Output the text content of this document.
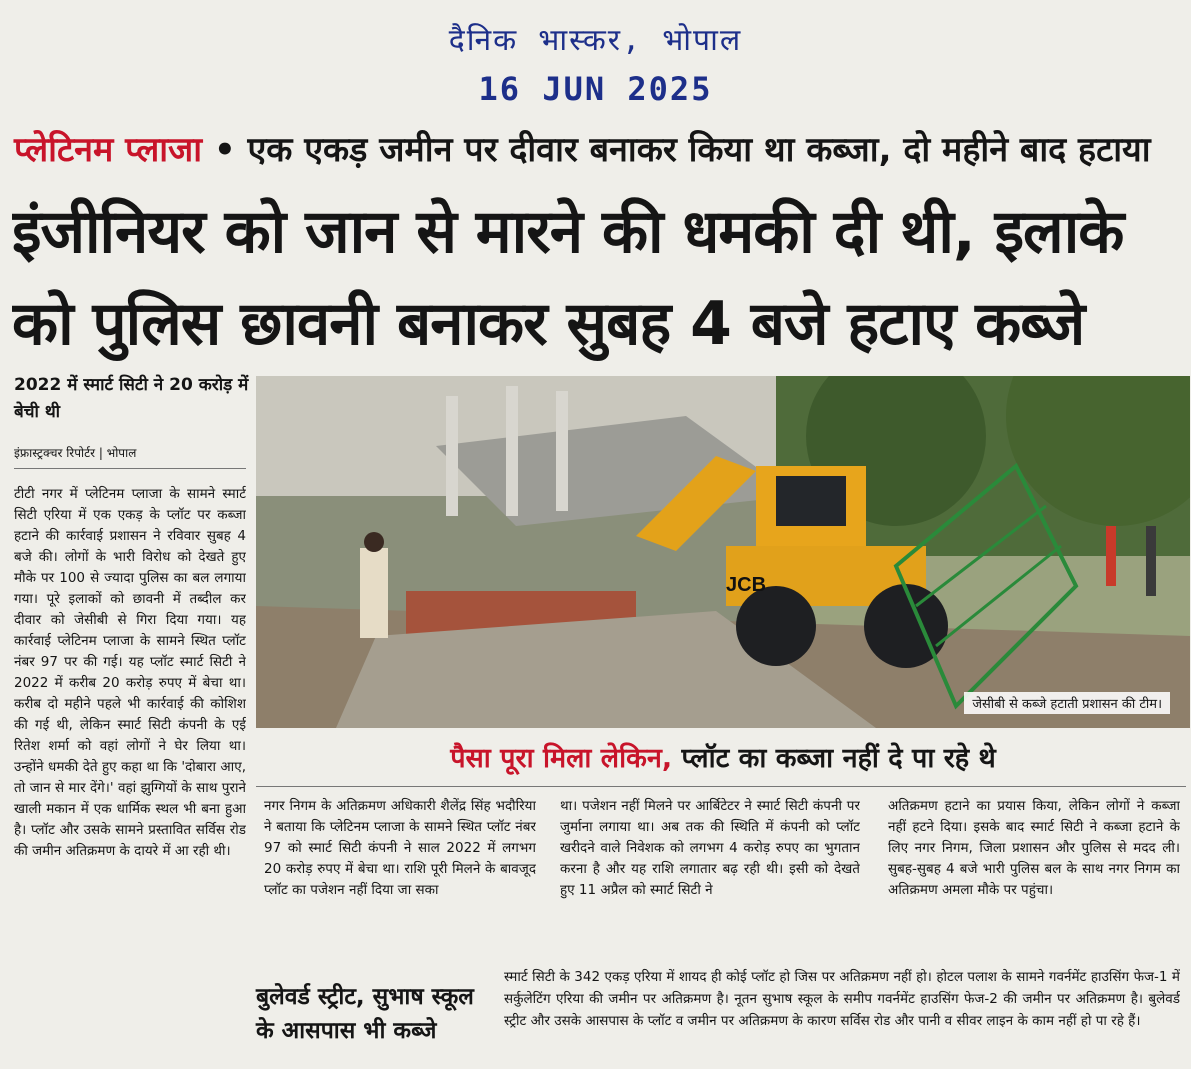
दैनिक भास्कर, भोपाल
16 JUN 2025
प्लेटिनम प्लाजा • एक एकड़ जमीन पर दीवार बनाकर किया था कब्जा, दो महीने बाद हटाया
इंजीनियर को जान से मारने की धमकी दी थी, इलाके
को पुलिस छावनी बनाकर सुबह 4 बजे हटाए कब्जे
2022 में स्मार्ट सिटी ने 20 करोड़ में बेची थी
इंफ्रास्ट्रक्चर रिपोर्टर | भोपाल
टीटी नगर में प्लेटिनम प्लाजा के सामने स्मार्ट सिटी एरिया में एक एकड़ के प्लॉट पर कब्जा हटाने की कार्रवाई प्रशासन ने रविवार सुबह 4 बजे की। लोगों के भारी विरोध को देखते हुए मौके पर 100 से ज्यादा पुलिस का बल लगाया गया। पूरे इलाकों को छावनी में तब्दील कर दीवार को जेसीबी से गिरा दिया गया। यह कार्रवाई प्लेटिनम प्लाजा के सामने स्थित प्लॉट नंबर 97 पर की गई। यह प्लॉट स्मार्ट सिटी ने 2022 में करीब 20 करोड़ रुपए में बेचा था। करीब दो महीने पहले भी कार्रवाई की कोशिश की गई थी, लेकिन स्मार्ट सिटी कंपनी के एई रितेश शर्मा को वहां लोगों ने घेर लिया था। उन्होंने धमकी देते हुए कहा था कि 'दोबारा आए, तो जान से मार देंगे।' वहां झुग्गियों के साथ पुराने खाली मकान में एक धार्मिक स्थल भी बना हुआ है। प्लॉट और उसके सामने प्रस्तावित सर्विस रोड की जमीन अतिक्रमण के दायरे में आ रही थी।
JCB
जेसीबी से कब्जे हटाती प्रशासन की टीम।
पैसा पूरा मिला लेकिन, प्लॉट का कब्जा नहीं दे पा रहे थे
नगर निगम के अतिक्रमण अधिकारी शैलेंद्र सिंह भदौरिया ने बताया कि प्लेटिनम प्लाजा के सामने स्थित प्लॉट नंबर 97 को स्मार्ट सिटी कंपनी ने साल 2022 में लगभग 20 करोड़ रुपए में बेचा था। राशि पूरी मिलने के बावजूद प्लॉट का पजेशन नहीं दिया जा सका
था। पजेशन नहीं मिलने पर आर्बिटेटर ने स्मार्ट सिटी कंपनी पर जुर्माना लगाया था। अब तक की स्थिति में कंपनी को प्लॉट खरीदने वाले निवेशक को लगभग 4 करोड़ रुपए का भुगतान करना है और यह राशि लगातार बढ़ रही थी। इसी को देखते हुए 11 अप्रैल को स्मार्ट सिटी ने
अतिक्रमण हटाने का प्रयास किया, लेकिन लोगों ने कब्जा नहीं हटने दिया। इसके बाद स्मार्ट सिटी ने कब्जा हटाने के लिए नगर निगम, जिला प्रशासन और पुलिस से मदद ली। सुबह-सुबह 4 बजे भारी पुलिस बल के साथ नगर निगम का अतिक्रमण अमला मौके पर पहुंचा।
बुलेवर्ड स्ट्रीट, सुभाष स्कूल के आसपास भी कब्जे
स्मार्ट सिटी के 342 एकड़ एरिया में शायद ही कोई प्लॉट हो जिस पर अतिक्रमण नहीं हो। होटल पलाश के सामने गवर्नमेंट हाउसिंग फेज-1 में सर्कुलेटिंग एरिया की जमीन पर अतिक्रमण है। नूतन सुभाष स्कूल के समीप गवर्नमेंट हाउसिंग फेज-2 की जमीन पर अतिक्रमण है। बुलेवर्ड स्ट्रीट और उसके आसपास के प्लॉट व जमीन पर अतिक्रमण के कारण सर्विस रोड और पानी व सीवर लाइन के काम नहीं हो पा रहे हैं।
